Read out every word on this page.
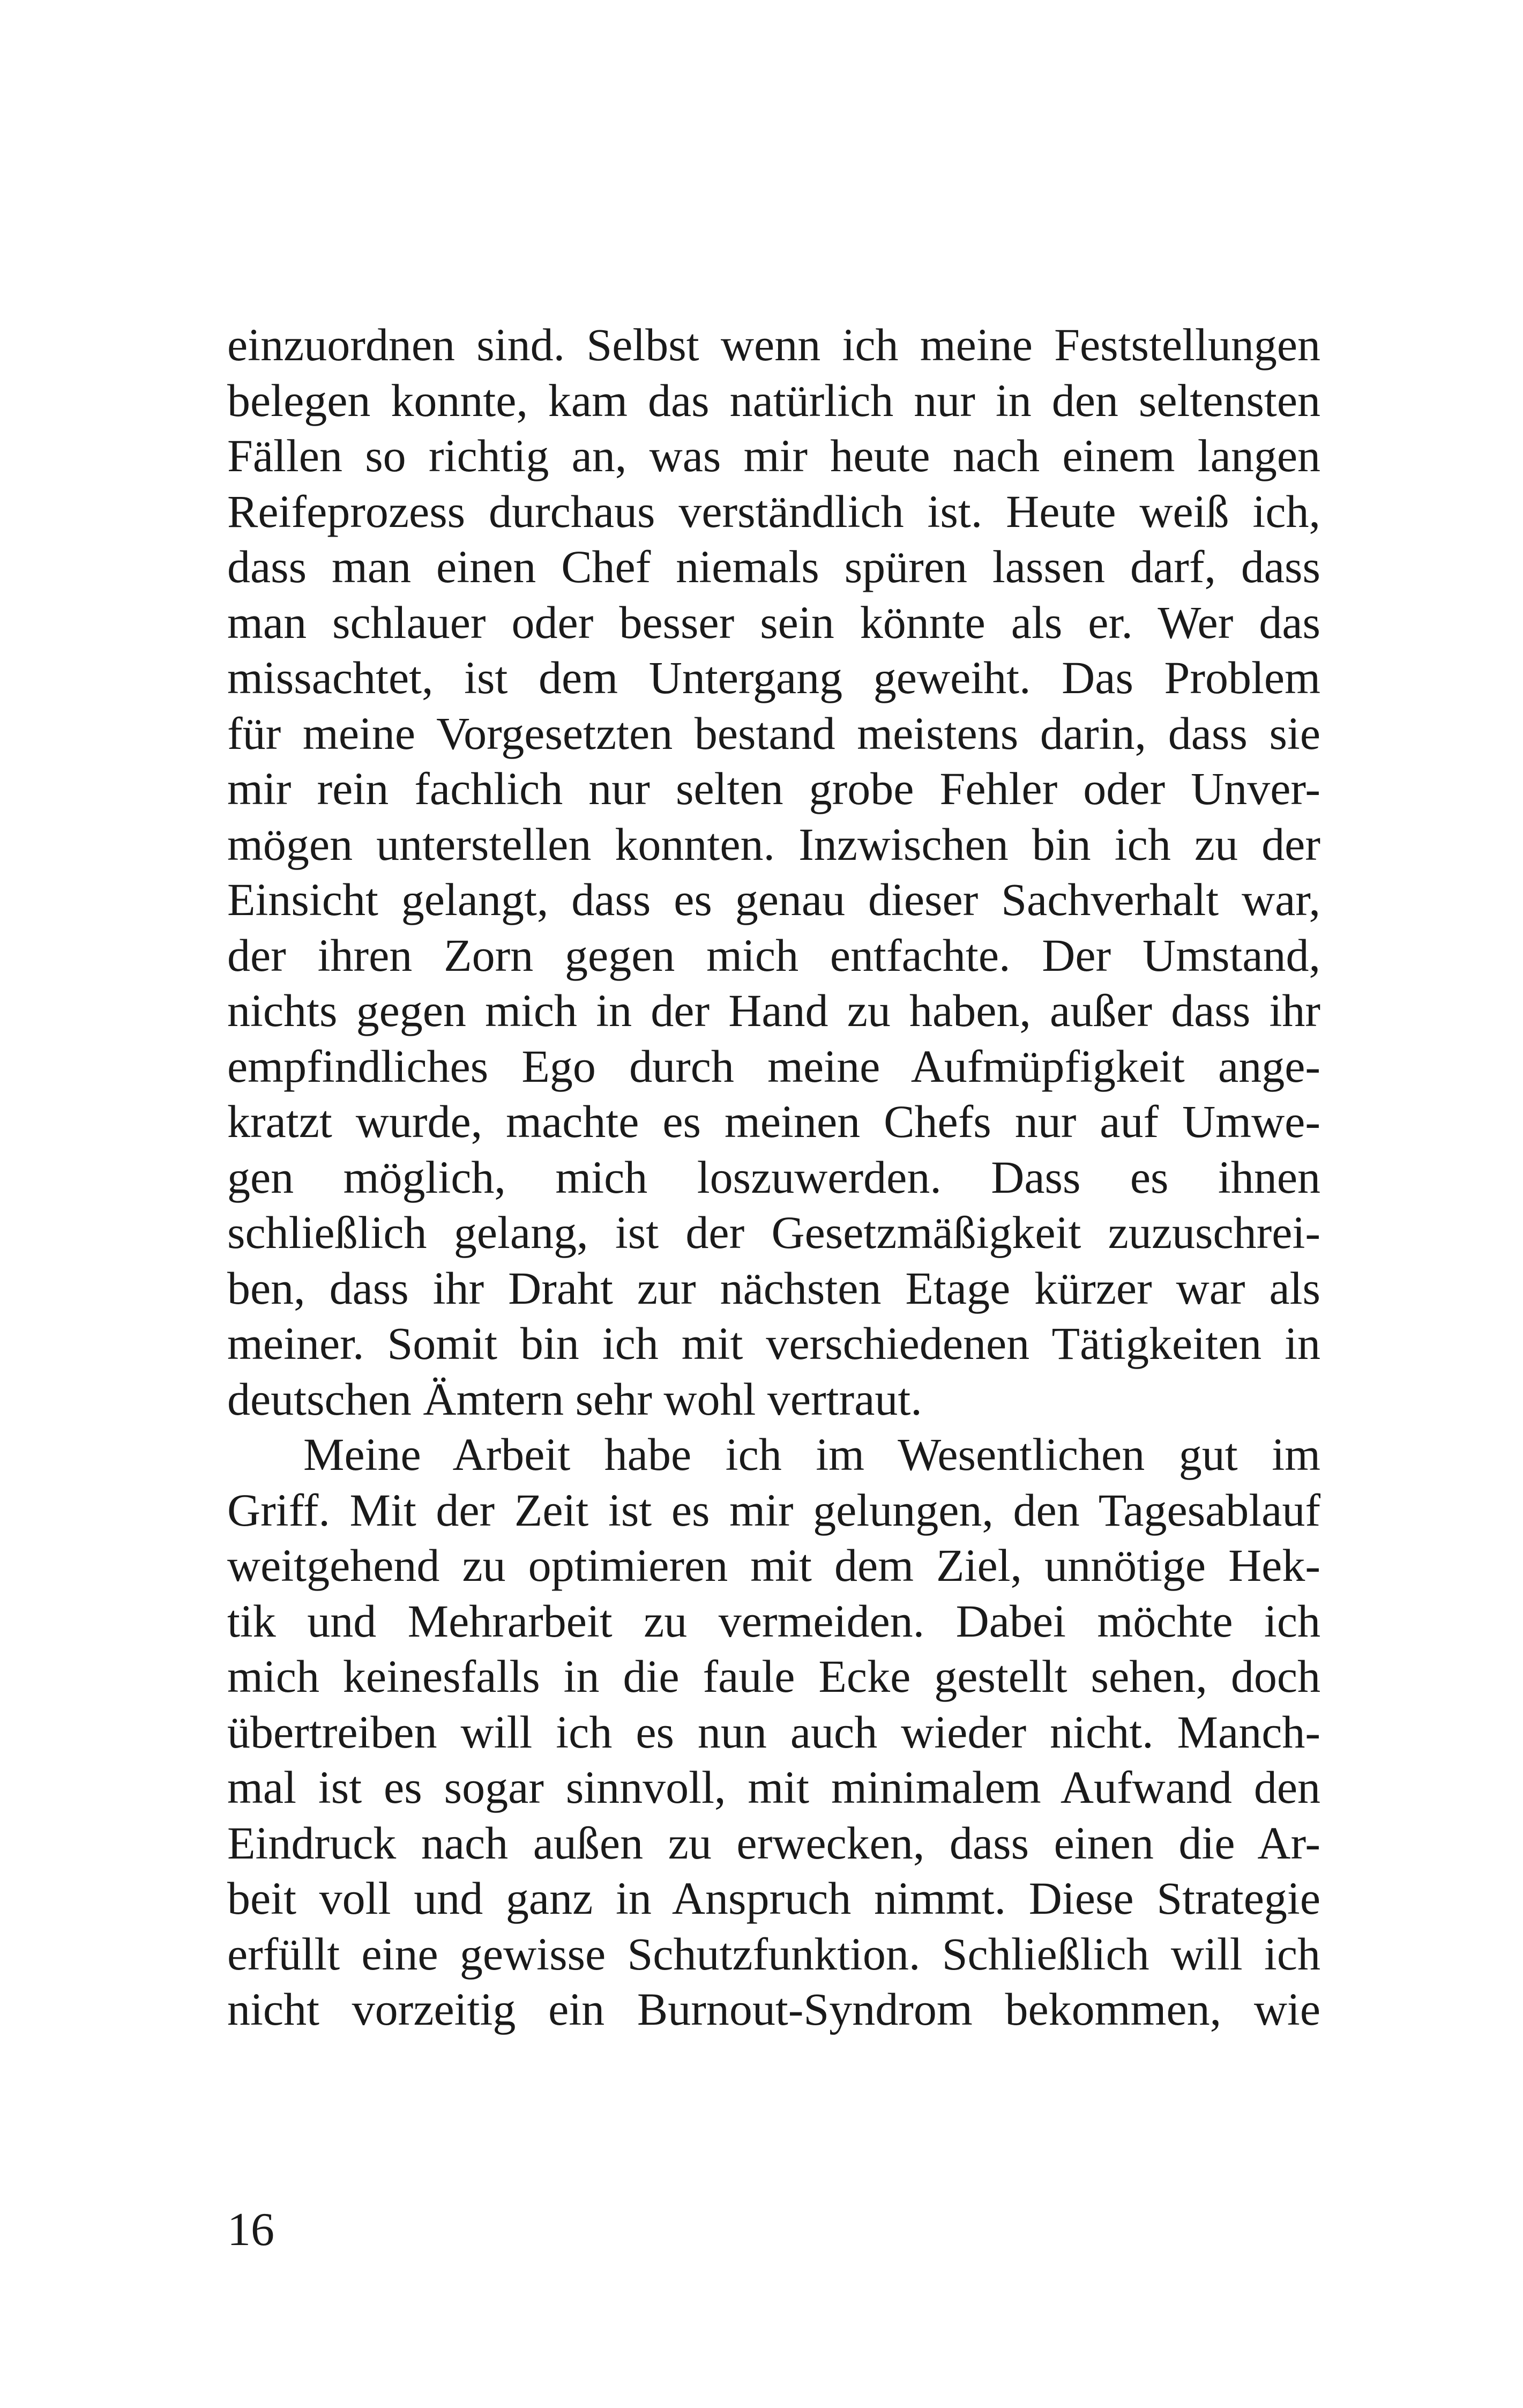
einzuordnen sind. Selbst wenn ich meine Feststellungen
belegen konnte, kam das natürlich nur in den seltensten
Fällen so richtig an, was mir heute nach einem langen
Reifeprozess durchaus verständlich ist. Heute weiß ich,
dass man einen Chef niemals spüren lassen darf, dass
man schlauer oder besser sein könnte als er. Wer das
missachtet, ist dem Untergang geweiht. Das Problem
für meine Vorgesetzten bestand meistens darin, dass sie
mir rein fachlich nur selten grobe Fehler oder Unver-
mögen unterstellen konnten. Inzwischen bin ich zu der
Einsicht gelangt, dass es genau dieser Sachverhalt war,
der ihren Zorn gegen mich entfachte. Der Umstand,
nichts gegen mich in der Hand zu haben, außer dass ihr
empfindliches Ego durch meine Aufmüpfigkeit ange-
kratzt wurde, machte es meinen Chefs nur auf Umwe-
gen möglich, mich loszuwerden. Dass es ihnen
schließlich gelang, ist der Gesetzmäßigkeit zuzuschrei-
ben, dass ihr Draht zur nächsten Etage kürzer war als
meiner. Somit bin ich mit verschiedenen Tätigkeiten in
deutschen Ämtern sehr wohl vertraut.
Meine Arbeit habe ich im Wesentlichen gut im
Griff. Mit der Zeit ist es mir gelungen, den Tagesablauf
weitgehend zu optimieren mit dem Ziel, unnötige Hek-
tik und Mehrarbeit zu vermeiden. Dabei möchte ich
mich keinesfalls in die faule Ecke gestellt sehen, doch
übertreiben will ich es nun auch wieder nicht. Manch-
mal ist es sogar sinnvoll, mit minimalem Aufwand den
Eindruck nach außen zu erwecken, dass einen die Ar-
beit voll und ganz in Anspruch nimmt. Diese Strategie
erfüllt eine gewisse Schutzfunktion. Schließlich will ich
nicht vorzeitig ein Burnout-Syndrom bekommen, wie
16
